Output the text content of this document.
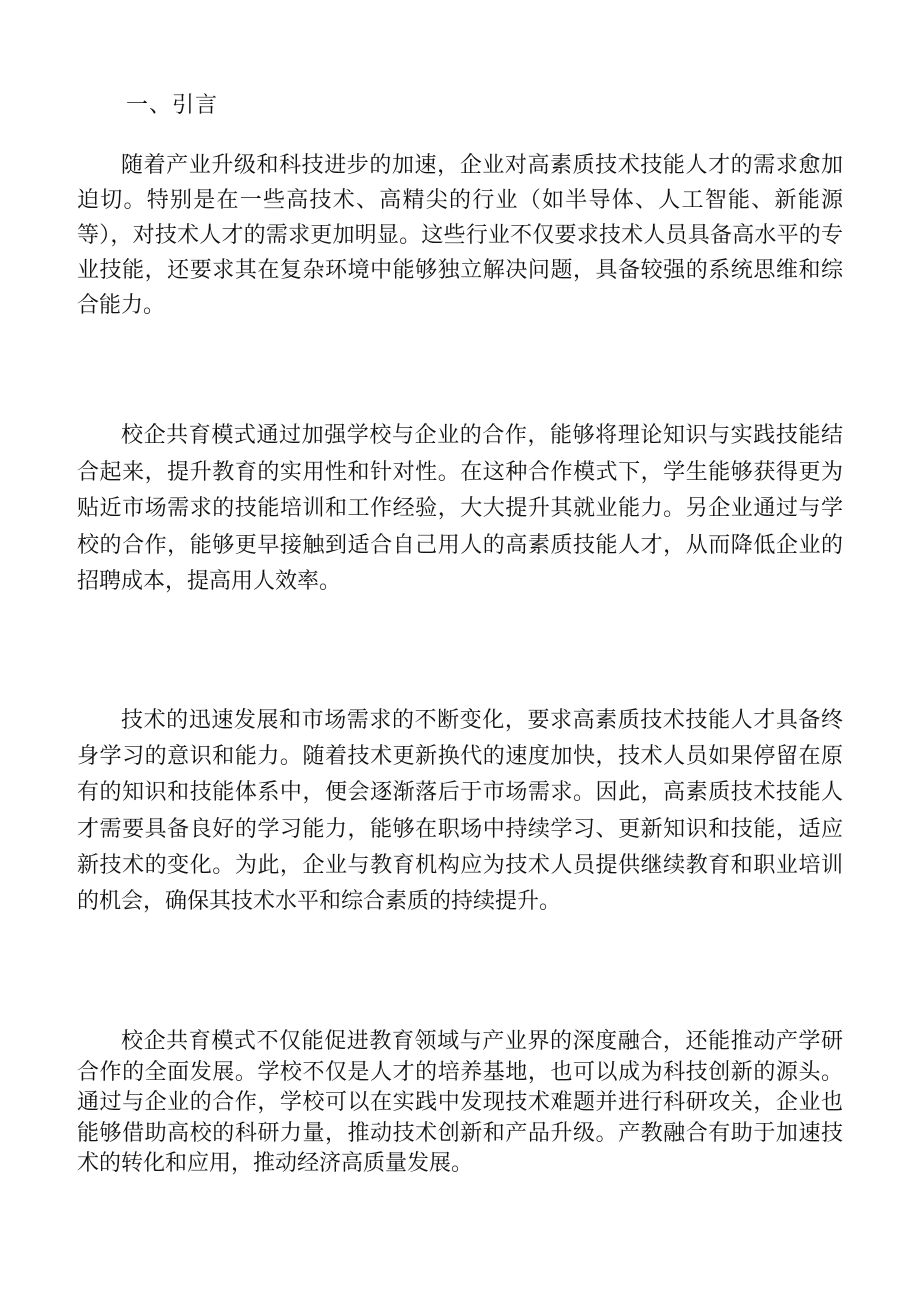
一、引言

随着产业升级和科技进步的加速，企业对高素质技术技能人才的需求愈加迫切。特别是在一些高技术、高精尖的行业（如半导体、人工智能、新能源等），对技术人才的需求更加明显。这些行业不仅要求技术人员具备高水平的专业技能，还要求其在复杂环境中能够独立解决问题，具备较强的系统思维和综合能力。

校企共育模式通过加强学校与企业的合作，能够将理论知识与实践技能结合起来，提升教育的实用性和针对性。在这种合作模式下，学生能够获得更为贴近市场需求的技能培训和工作经验，大大提升其就业能力。另企业通过与学校的合作，能够更早接触到适合自己用人的高素质技能人才，从而降低企业的招聘成本，提高用人效率。

技术的迅速发展和市场需求的不断变化，要求高素质技术技能人才具备终身学习的意识和能力。随着技术更新换代的速度加快，技术人员如果停留在原有的知识和技能体系中，便会逐渐落后于市场需求。因此，高素质技术技能人才需要具备良好的学习能力，能够在职场中持续学习、更新知识和技能，适应新技术的变化。为此，企业与教育机构应为技术人员提供继续教育和职业培训的机会，确保其技术水平和综合素质的持续提升。

校企共育模式不仅能促进教育领域与产业界的深度融合，还能推动产学研合作的全面发展。学校不仅是人才的培养基地，也可以成为科技创新的源头。通过与企业的合作，学校可以在实践中发现技术难题并进行科研攻关，企业也能够借助高校的科研力量，推动技术创新和产品升级。产教融合有助于加速技术的转化和应用，推动经济高质量发展。
